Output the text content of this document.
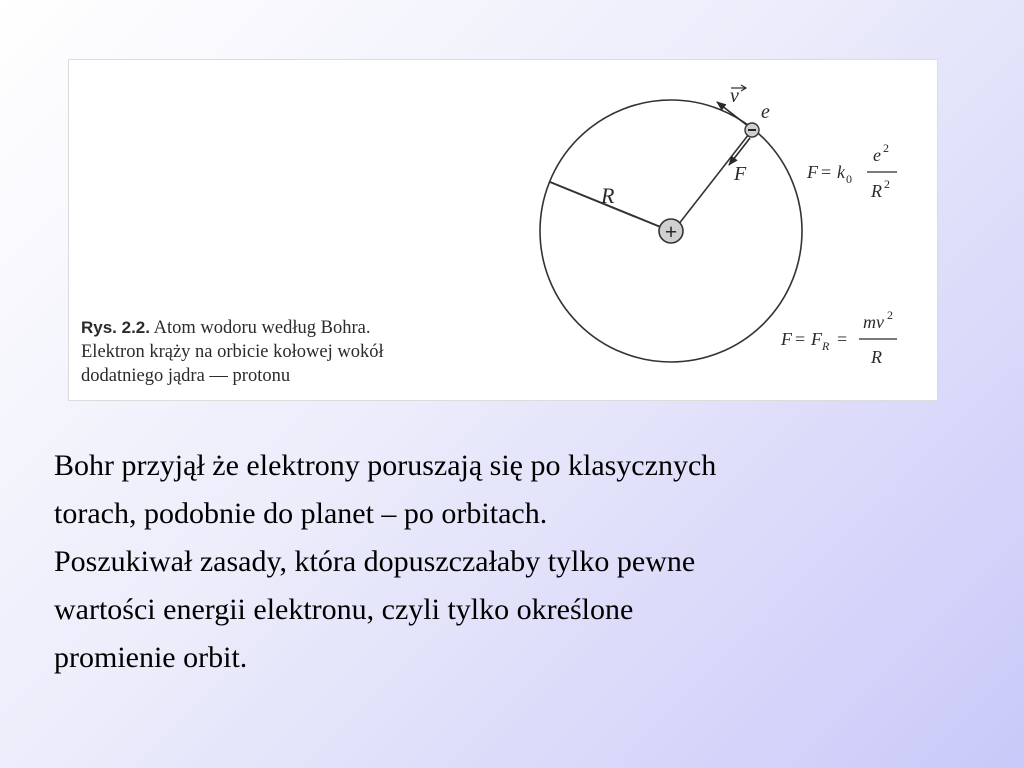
R
F
v
e
+
F = k 0
e 2
R 2
F = F R =
mv 2
R
Rys. 2.2. Atom wodoru według Bohra.
Elektron krąży na orbicie kołowej wokół
dodatniego jądra — protonu
Bohr przyjął że elektrony poruszają się po klasycznych
torach, podobnie do planet – po orbitach.
Poszukiwał zasady, która dopuszczałaby tylko pewne
wartości energii elektronu, czyli tylko określone
promienie orbit.
